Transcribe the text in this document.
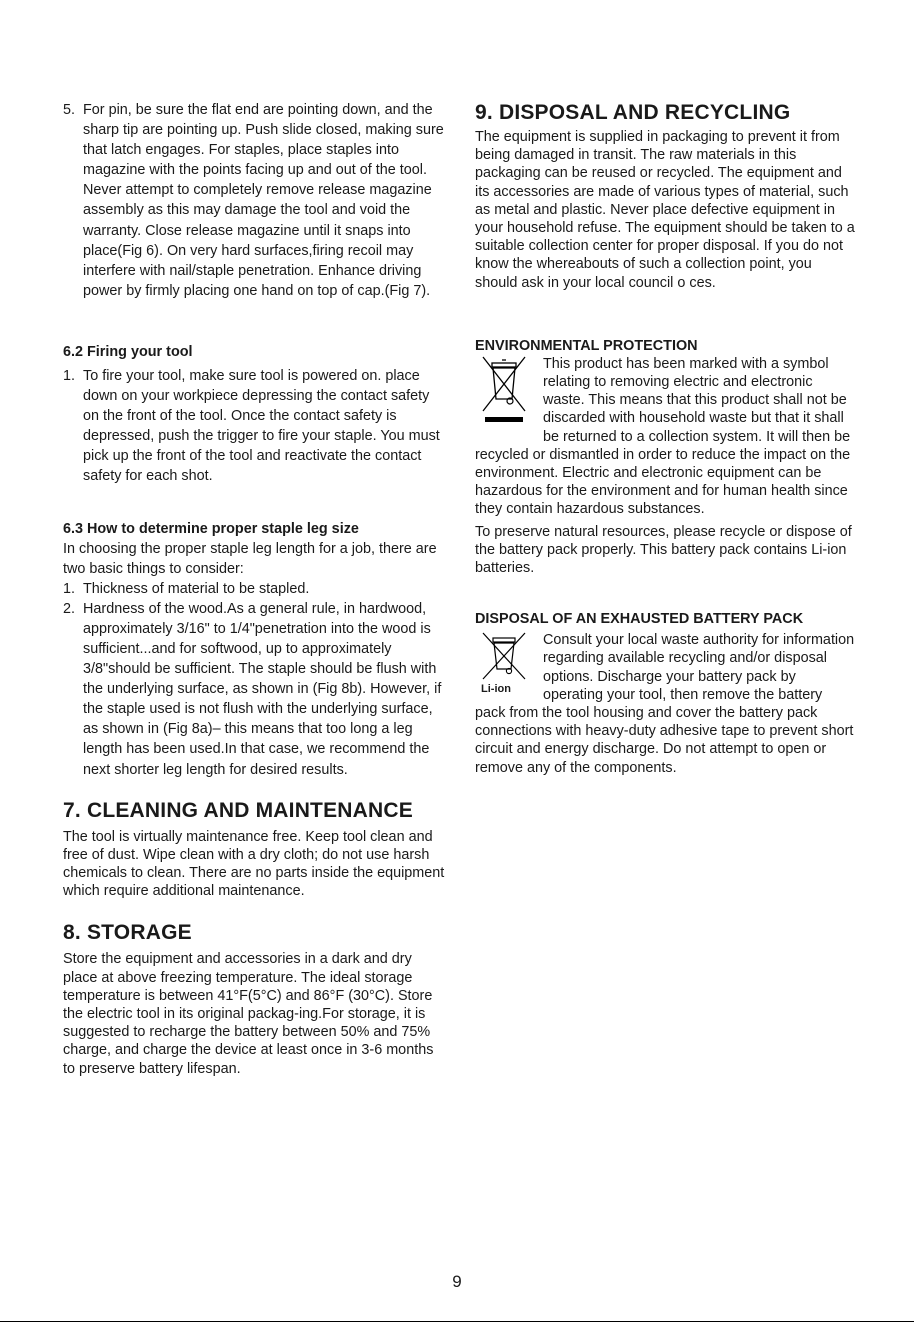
5. For pin, be sure the flat end are pointing down, and the sharp tip are pointing up. Push slide closed, making sure that latch engages. For staples, place staples into magazine with the points facing up and out of the tool. Never attempt to completely remove release magazine assembly as this may damage the tool and void the warranty. Close release magazine until it snaps into place(Fig 6). On very hard surfaces,firing recoil may interfere with nail/staple penetration. Enhance driving power by firmly placing one hand on top of cap.(Fig 7).
6.2 Firing your tool
1. To fire your tool, make sure tool is powered on. place down on your workpiece depressing the contact safety on the front of the tool. Once the contact safety is depressed, push the trigger to fire your staple. You must pick up the front of the tool and reactivate the contact safety for each shot.
6.3 How to determine proper staple leg size
In choosing the proper staple leg length for a job, there are two basic things to consider:
1. Thickness of material to be stapled.
2. Hardness of the wood.As a general rule, in hardwood, approximately 3/16" to 1/4"penetration into the wood is sufficient...and for softwood, up to approximately 3/8"should be sufficient. The staple should be flush with the underlying surface, as shown in (Fig 8b). However, if the staple used is not flush with the underlying surface, as shown in (Fig 8a)– this means that too long a leg length has been used.In that case, we recommend the next shorter leg length for desired results.
7. CLEANING AND MAINTENANCE

The tool is virtually maintenance free. Keep tool clean and free of dust. Wipe clean with a dry cloth; do not use harsh chemicals to clean. There are no parts inside the equipment which require additional maintenance.

8. STORAGE

Store the equipment and accessories in a dark and dry place at above freezing temperature. The ideal storage temperature is between 41°F(5°C) and 86°F (30°C). Store the electric tool in its original packag-ing.For storage, it is suggested to recharge the battery between 50% and 75% charge, and charge the device at least once in 3-6 months to preserve battery lifespan.

9. DISPOSAL AND RECYCLING

The equipment is supplied in packaging to prevent it from being damaged in transit. The raw materials in this packaging can be reused or recycled. The equipment and its accessories are made of various types of material, such as metal and plastic. Never place defective equipment in your household refuse. The equipment should be taken to a suitable collection center for proper disposal. If you do not know the whereabouts of such a collection point, you should ask in your local council o ces.

ENVIRONMENTAL PROTECTION

This product has been marked with a symbol relating to removing electric and electronic waste. This means that this product shall not be discarded with household waste but that it shall be returned to a collection system. It will then be recycled or dismantled in order to reduce the impact on the environment. Electric and electronic equipment can be hazardous for the environment and for human health since they contain hazardous substances.

To preserve natural resources, please recycle or dispose of the battery pack properly. This battery pack contains Li-ion batteries.

DISPOSAL OF AN EXHAUSTED BATTERY PACK
Li-ion

Consult your local waste authority for information regarding available recycling and/or disposal options. Discharge your battery pack by operating your tool, then remove the battery pack from the tool housing and cover the battery pack connections with heavy-duty adhesive tape to prevent short circuit and energy discharge. Do not attempt to open or remove any of the components.

9
